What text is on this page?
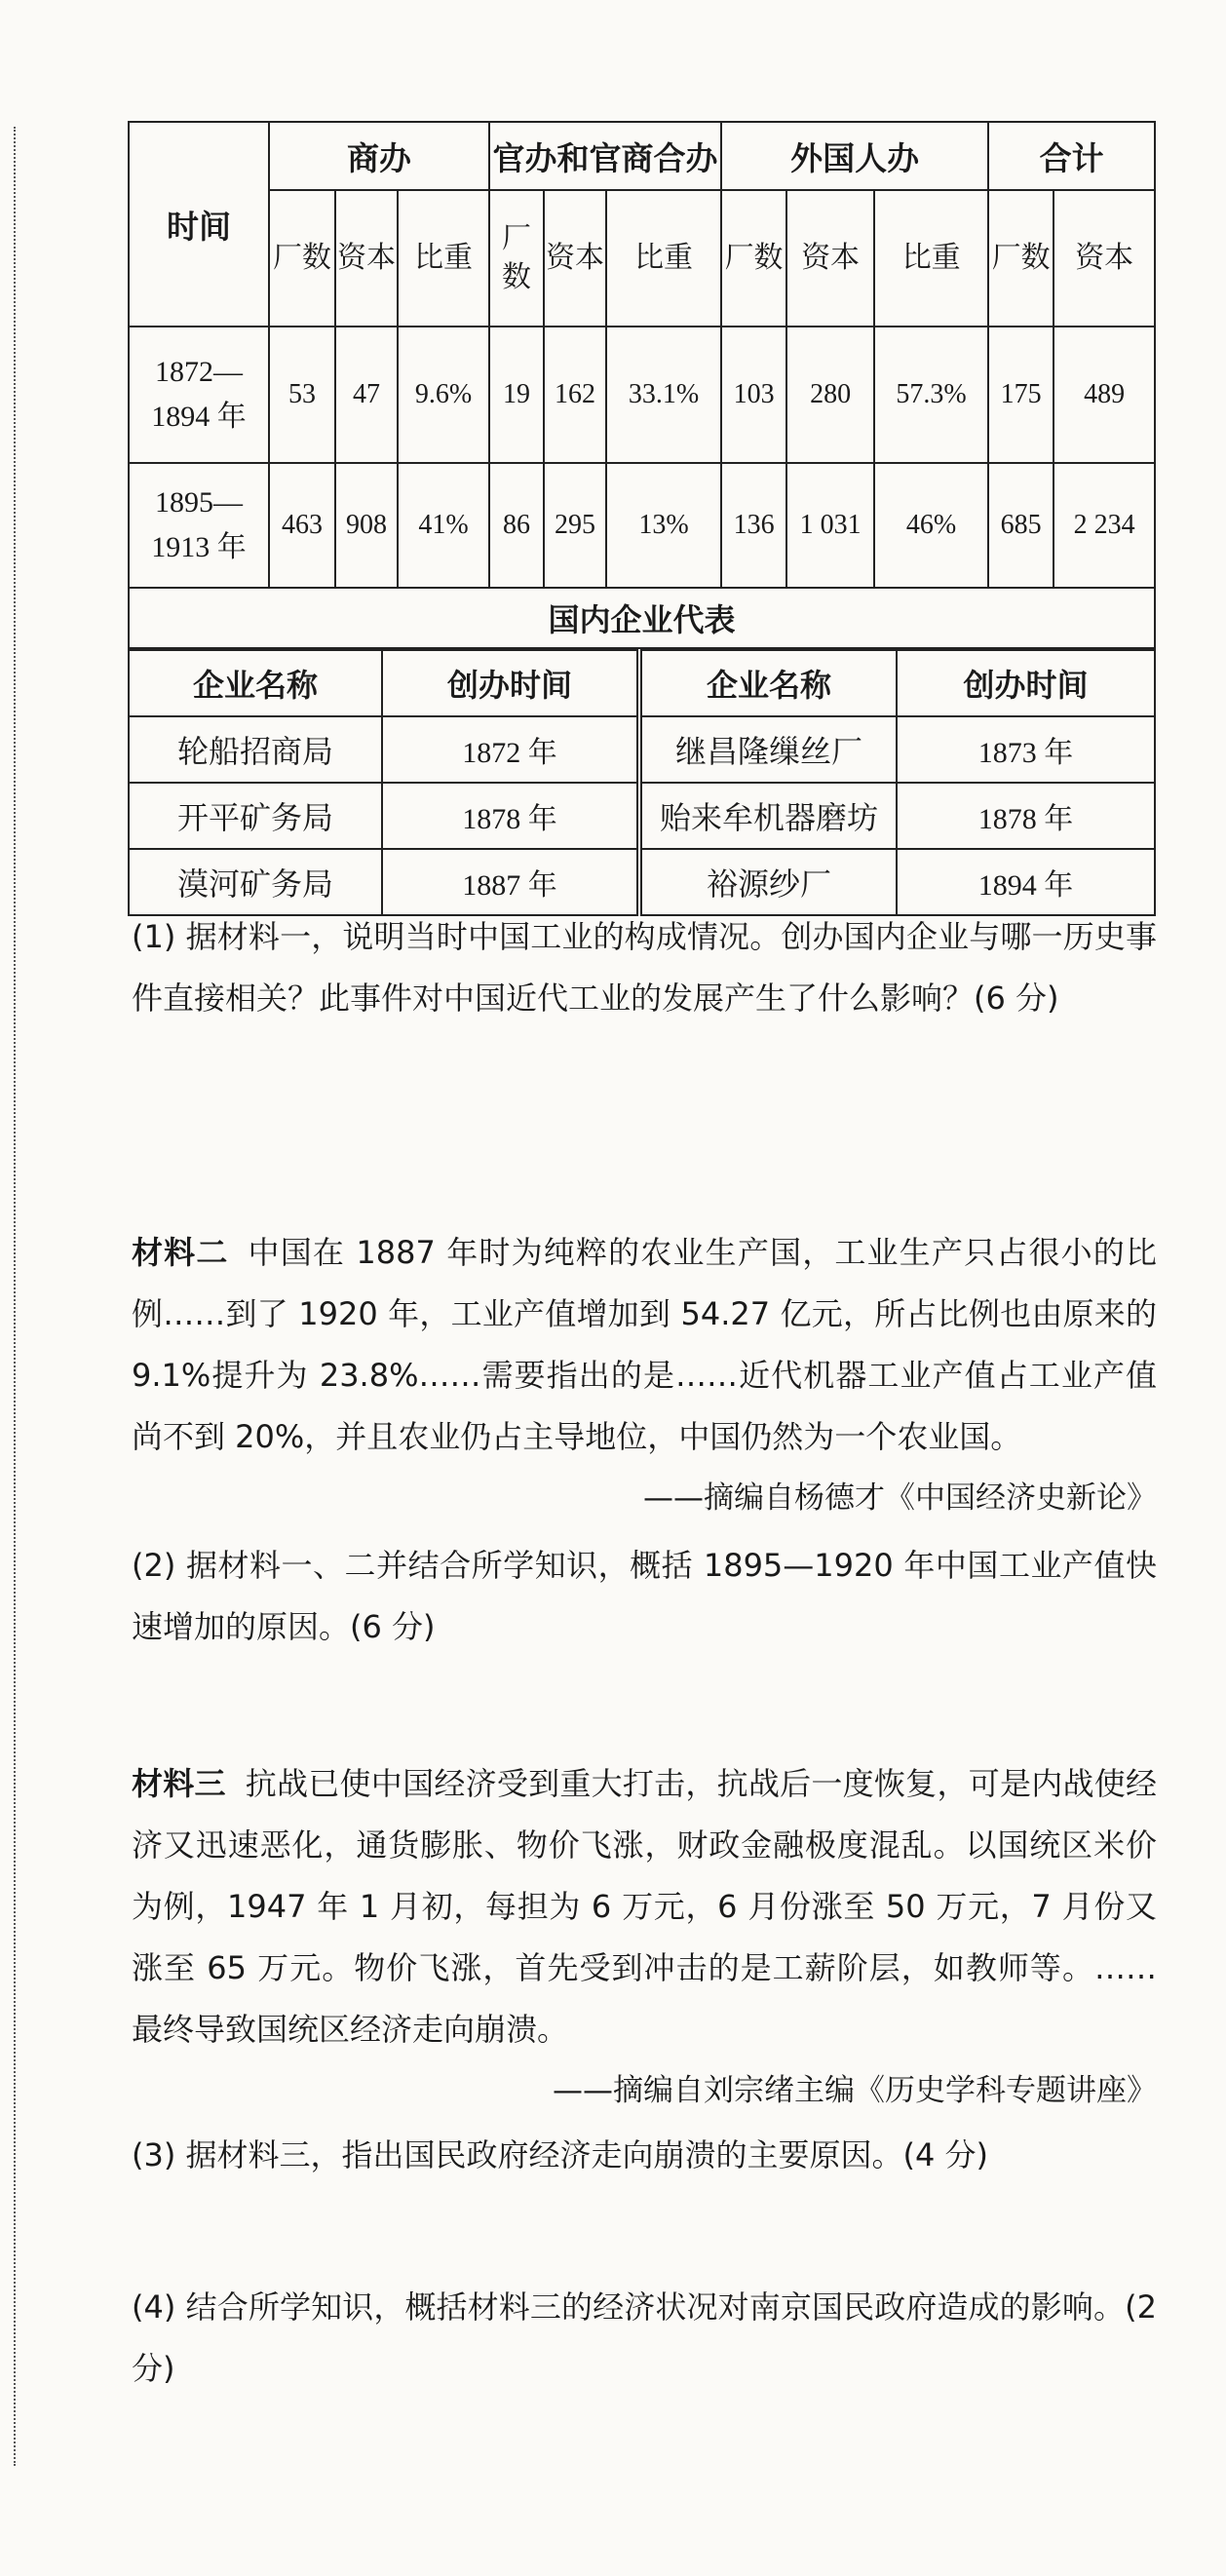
时间	商办			官办和官商合办			外国人办			合计	
	厂数	资本	比重	厂数	资本	比重	厂数	资本	比重	厂数	资本
1872—
1894 年	53	47	9.6%	19	162	33.1%	103	280	57.3%	175	489
1895—
1913 年	463	908	41%	86	295	13%	136	1 031	46%	685	2 234
国内企业代表											
企业名称	创办时间	企业名称	创办时间
轮船招商局	1872 年	继昌隆缫丝厂	1873 年
开平矿务局	1878 年	贻来牟机器磨坊	1878 年
漠河矿务局	1887 年	裕源纱厂	1894 年
(1) 据材料一，说明当时中国工业的构成情况。创办国内企业与哪一历史事件直接相关？此事件对中国近代工业的发展产生了什么影响？(6 分)
材料二 中国在 1887 年时为纯粹的农业生产国，工业生产只占很小的比例……到了 1920 年，工业产值增加到 54.27 亿元，所占比例也由原来的 9.1%提升为 23.8%……需要指出的是……近代机器工业产值占工业产值尚不到 20%，并且农业仍占主导地位，中国仍然为一个农业国。
——摘编自杨德才《中国经济史新论》
(2) 据材料一、二并结合所学知识，概括 1895—1920 年中国工业产值快速增加的原因。(6 分)
材料三 抗战已使中国经济受到重大打击，抗战后一度恢复，可是内战使经济又迅速恶化，通货膨胀、物价飞涨，财政金融极度混乱。以国统区米价为例，1947 年 1 月初，每担为 6 万元，6 月份涨至 50 万元，7 月份又涨至 65 万元。物价飞涨，首先受到冲击的是工薪阶层，如教师等。……最终导致国统区经济走向崩溃。
——摘编自刘宗绪主编《历史学科专题讲座》
(3) 据材料三，指出国民政府经济走向崩溃的主要原因。(4 分)
(4) 结合所学知识，概括材料三的经济状况对南京国民政府造成的影响。(2 分)
